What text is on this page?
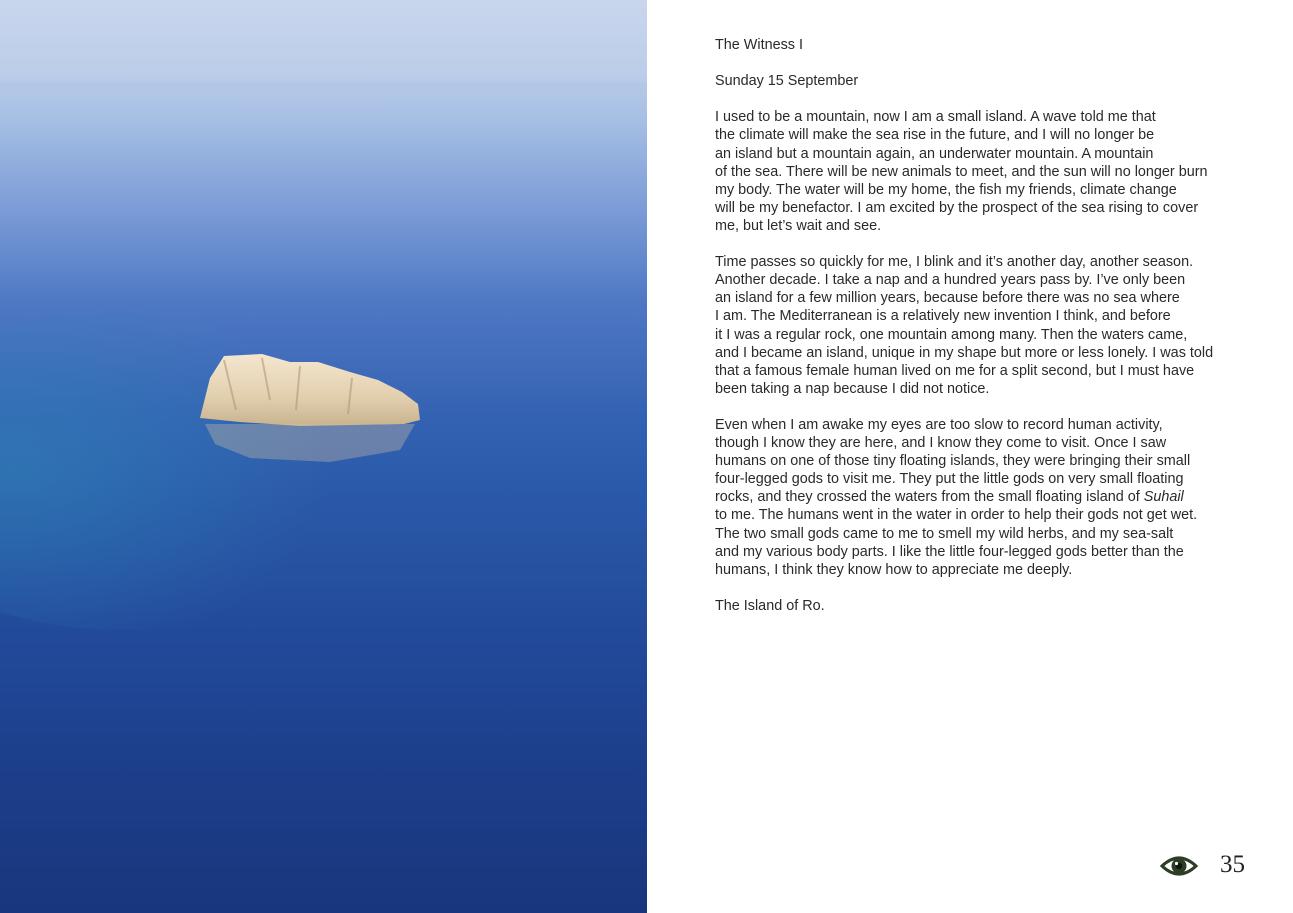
The Witness I

Sunday 15 September

I used to be a mountain, now I am a small island. A wave told me that
the climate will make the sea rise in the future, and I will no longer be
an island but a mountain again, an underwater mountain. A mountain
of the sea. There will be new animals to meet, and the sun will no longer burn
my body. The water will be my home, the fish my friends, climate change
will be my benefactor. I am excited by the prospect of the sea rising to cover
me, but let’s wait and see.

Time passes so quickly for me, I blink and it’s another day, another season.
Another decade. I take a nap and a hundred years pass by. I’ve only been
an island for a few million years, because before there was no sea where
I am. The Mediterranean is a relatively new invention I think, and before
it I was a regular rock, one mountain among many. Then the waters came,
and I became an island, unique in my shape but more or less lonely. I was told
that a famous female human lived on me for a split second, but I must have
been taking a nap because I did not notice.

Even when I am awake my eyes are too slow to record human activity,
though I know they are here, and I know they come to visit. Once I saw
humans on one of those tiny floating islands, they were bringing their small
four-legged gods to visit me. They put the little gods on very small floating
rocks, and they crossed the waters from the small floating island of Suhail
to me. The humans went in the water in order to help their gods not get wet.
The two small gods came to me to smell my wild herbs, and my sea-salt
and my various body parts. I like the little four-legged gods better than the
humans, I think they know how to appreciate me deeply.

The Island of Ro.

35
